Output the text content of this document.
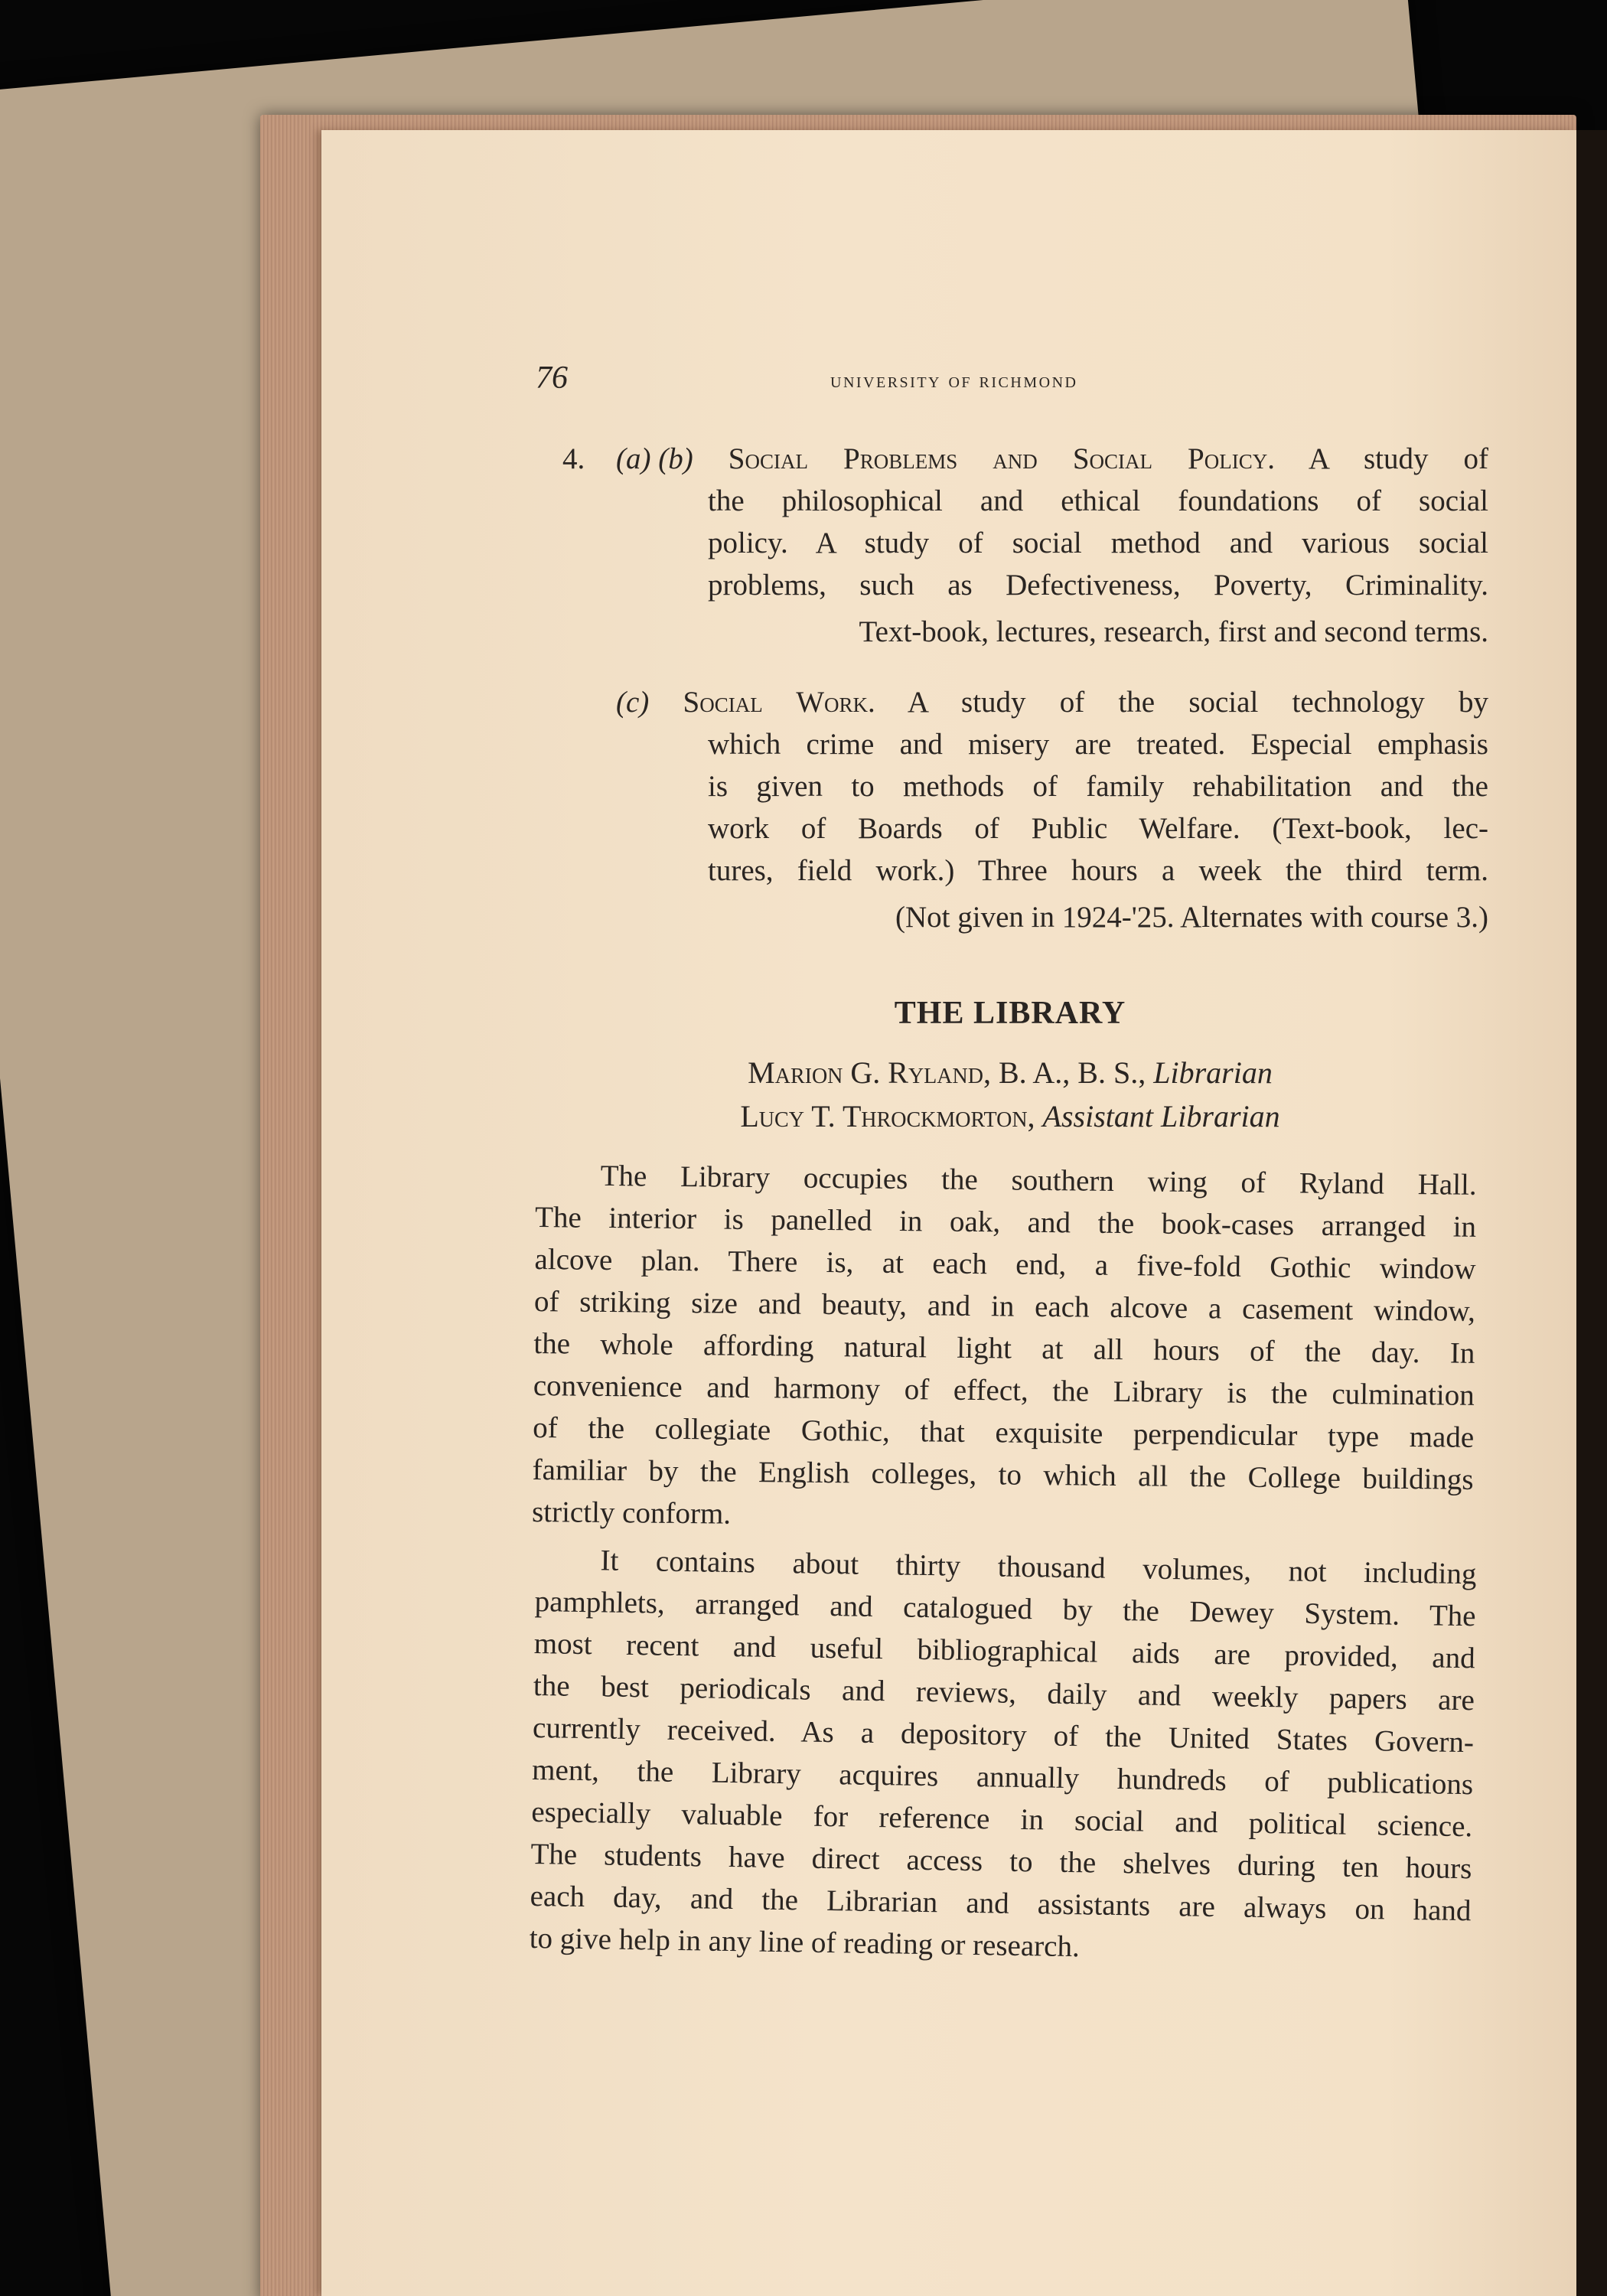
76	university of richmond
4. (a) (b) Social Problems and Social Policy. A study of
the philosophical and ethical foundations of social
policy. A study of social method and various social
problems, such as Defectiveness, Poverty, Criminality.
Text-book, lectures, research, first and second terms.
(c) Social Work. A study of the social technology by
which crime and misery are treated. Especial emphasis
is given to methods of family rehabilitation and the
work of Boards of Public Welfare. (Text-book, lec-
tures, field work.) Three hours a week the third term.
(Not given in 1924-'25. Alternates with course 3.)
THE LIBRARY
Marion G. Ryland, B. A., B. S., Librarian
Lucy T. Throckmorton, Assistant Librarian
The Library occupies the southern wing of Ryland Hall.
The interior is panelled in oak, and the book-cases arranged in
alcove plan. There is, at each end, a five-fold Gothic window
of striking size and beauty, and in each alcove a casement window,
the whole affording natural light at all hours of the day. In
convenience and harmony of effect, the Library is the culmination
of the collegiate Gothic, that exquisite perpendicular type made
familiar by the English colleges, to which all the College buildings
strictly conform.
It contains about thirty thousand volumes, not including
pamphlets, arranged and catalogued by the Dewey System. The
most recent and useful bibliographical aids are provided, and
the best periodicals and reviews, daily and weekly papers are
currently received. As a depository of the United States Govern-
ment, the Library acquires annually hundreds of publications
especially valuable for reference in social and political science.
The students have direct access to the shelves during ten hours
each day, and the Librarian and assistants are always on hand
to give help in any line of reading or research.
